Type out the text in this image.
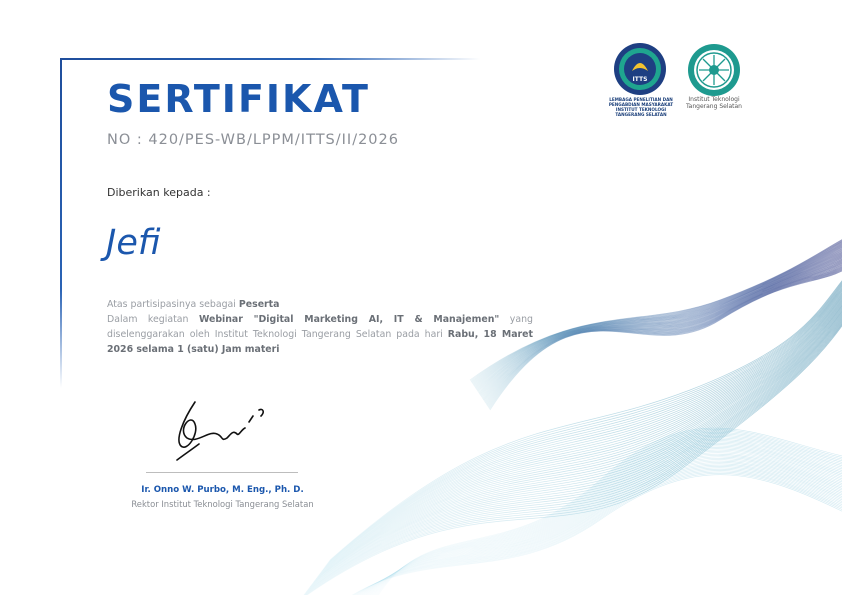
SERTIFIKAT
NO : 420/PES-WB/LPPM/ITTS/II/2026
Diberikan kepada :
Jefi

Atas partisipasinya sebagai Peserta

Dalam kegiatan Webinar "Digital Marketing AI, IT & Manajemen" yang diselenggarakan oleh Institut Teknologi Tangerang Selatan pada hari Rabu, 18 Maret 2026 selama 1 (satu) Jam materi

Ir. Onno W. Purbo, M. Eng., Ph. D.
Rektor Institut Teknologi Tangerang Selatan
ITTS
LEMBAGA PENELITIAN DAN
PENGABDIAN MASYARAKAT
INSTITUT TEKNOLOGI TANGERANG SELATAN
Institut Teknologi
Tangerang Selatan
